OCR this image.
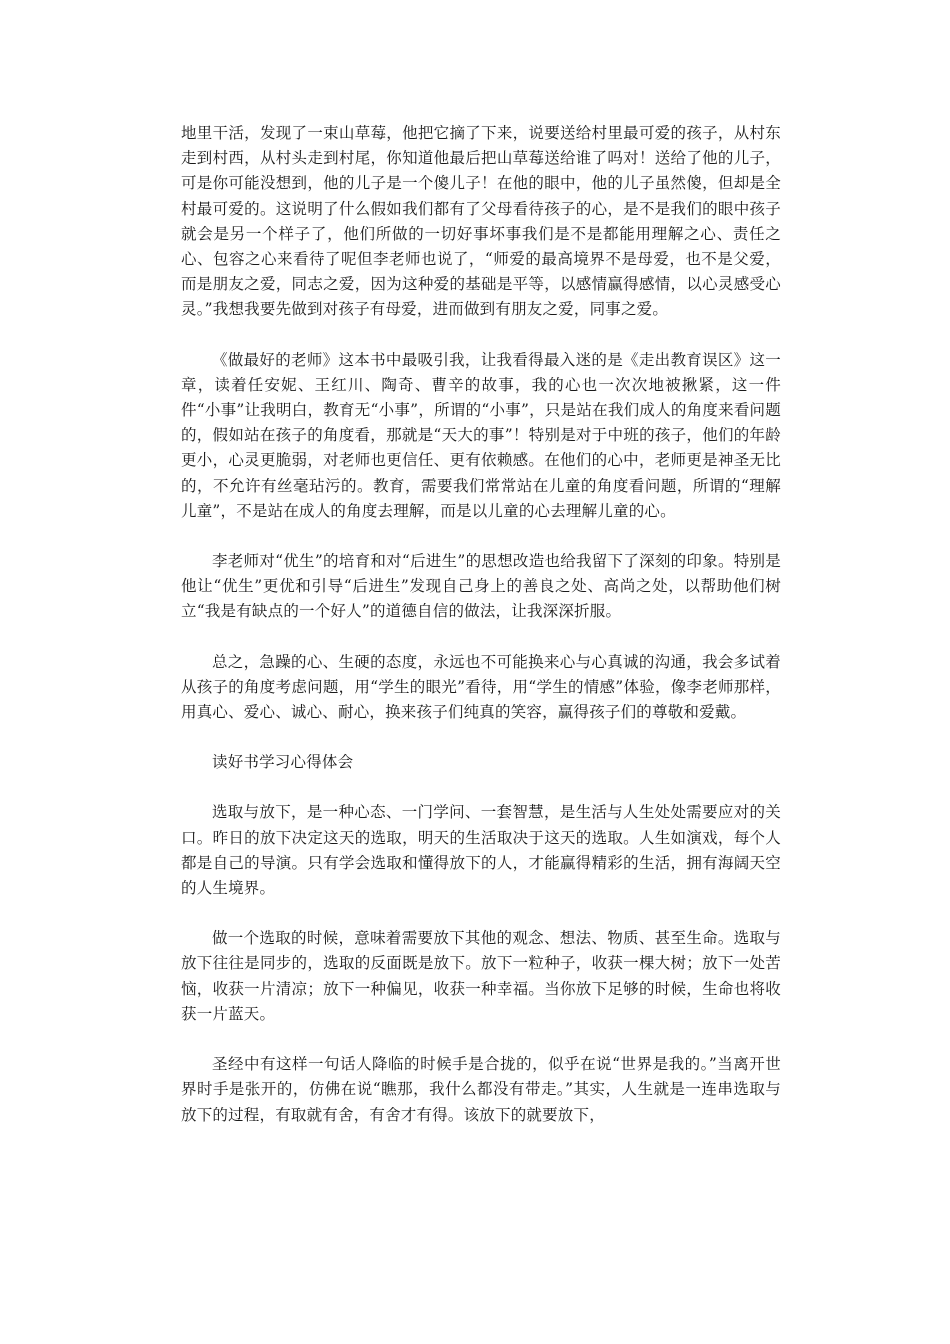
地里干活，发现了一束山草莓，他把它摘了下来，说要送给村里最可爱的孩子，从村东走到村西，从村头走到村尾，你知道他最后把山草莓送给谁了吗对！送给了他的儿子，可是你可能没想到，他的儿子是一个傻儿子！在他的眼中，他的儿子虽然傻，但却是全村最可爱的。这说明了什么假如我们都有了父母看待孩子的心，是不是我们的眼中孩子就会是另一个样子了，他们所做的一切好事坏事我们是不是都能用理解之心、责任之心、包容之心来看待了呢但李老师也说了，“师爱的最高境界不是母爱，也不是父爱，而是朋友之爱，同志之爱，因为这种爱的基础是平等，以感情赢得感情，以心灵感受心灵。”我想我要先做到对孩子有母爱，进而做到有朋友之爱，同事之爱。

《做最好的老师》这本书中最吸引我，让我看得最入迷的是《走出教育误区》这一章，读着任安妮、王红川、陶奇、曹辛的故事，我的心也一次次地被揪紧，这一件件“小事”让我明白，教育无“小事”，所谓的“小事”，只是站在我们成人的角度来看问题的，假如站在孩子的角度看，那就是“天大的事”！特别是对于中班的孩子，他们的年龄更小，心灵更脆弱，对老师也更信任、更有依赖感。在他们的心中，老师更是神圣无比的，不允许有丝毫玷污的。教育，需要我们常常站在儿童的角度看问题，所谓的“理解儿童”，不是站在成人的角度去理解，而是以儿童的心去理解儿童的心。

李老师对“优生”的培育和对“后进生”的思想改造也给我留下了深刻的印象。特别是他让“优生”更优和引导“后进生”发现自己身上的善良之处、高尚之处，以帮助他们树立“我是有缺点的一个好人”的道德自信的做法，让我深深折服。

总之，急躁的心、生硬的态度，永远也不可能换来心与心真诚的沟通，我会多试着从孩子的角度考虑问题，用“学生的眼光”看待，用“学生的情感”体验，像李老师那样，用真心、爱心、诚心、耐心，换来孩子们纯真的笑容，赢得孩子们的尊敬和爱戴。

读好书学习心得体会

选取与放下，是一种心态、一门学问、一套智慧，是生活与人生处处需要应对的关口。昨日的放下决定这天的选取，明天的生活取决于这天的选取。人生如演戏，每个人都是自己的导演。只有学会选取和懂得放下的人，才能赢得精彩的生活，拥有海阔天空的人生境界。

做一个选取的时候，意味着需要放下其他的观念、想法、物质、甚至生命。选取与放下往往是同步的，选取的反面既是放下。放下一粒种子，收获一棵大树；放下一处苦恼，收获一片清凉；放下一种偏见，收获一种幸福。当你放下足够的时候，生命也将收获一片蓝天。

圣经中有这样一句话人降临的时候手是合拢的，似乎在说“世界是我的。”当离开世界时手是张开的，仿佛在说“瞧那，我什么都没有带走。”其实，人生就是一连串选取与放下的过程，有取就有舍，有舍才有得。该放下的就要放下，
